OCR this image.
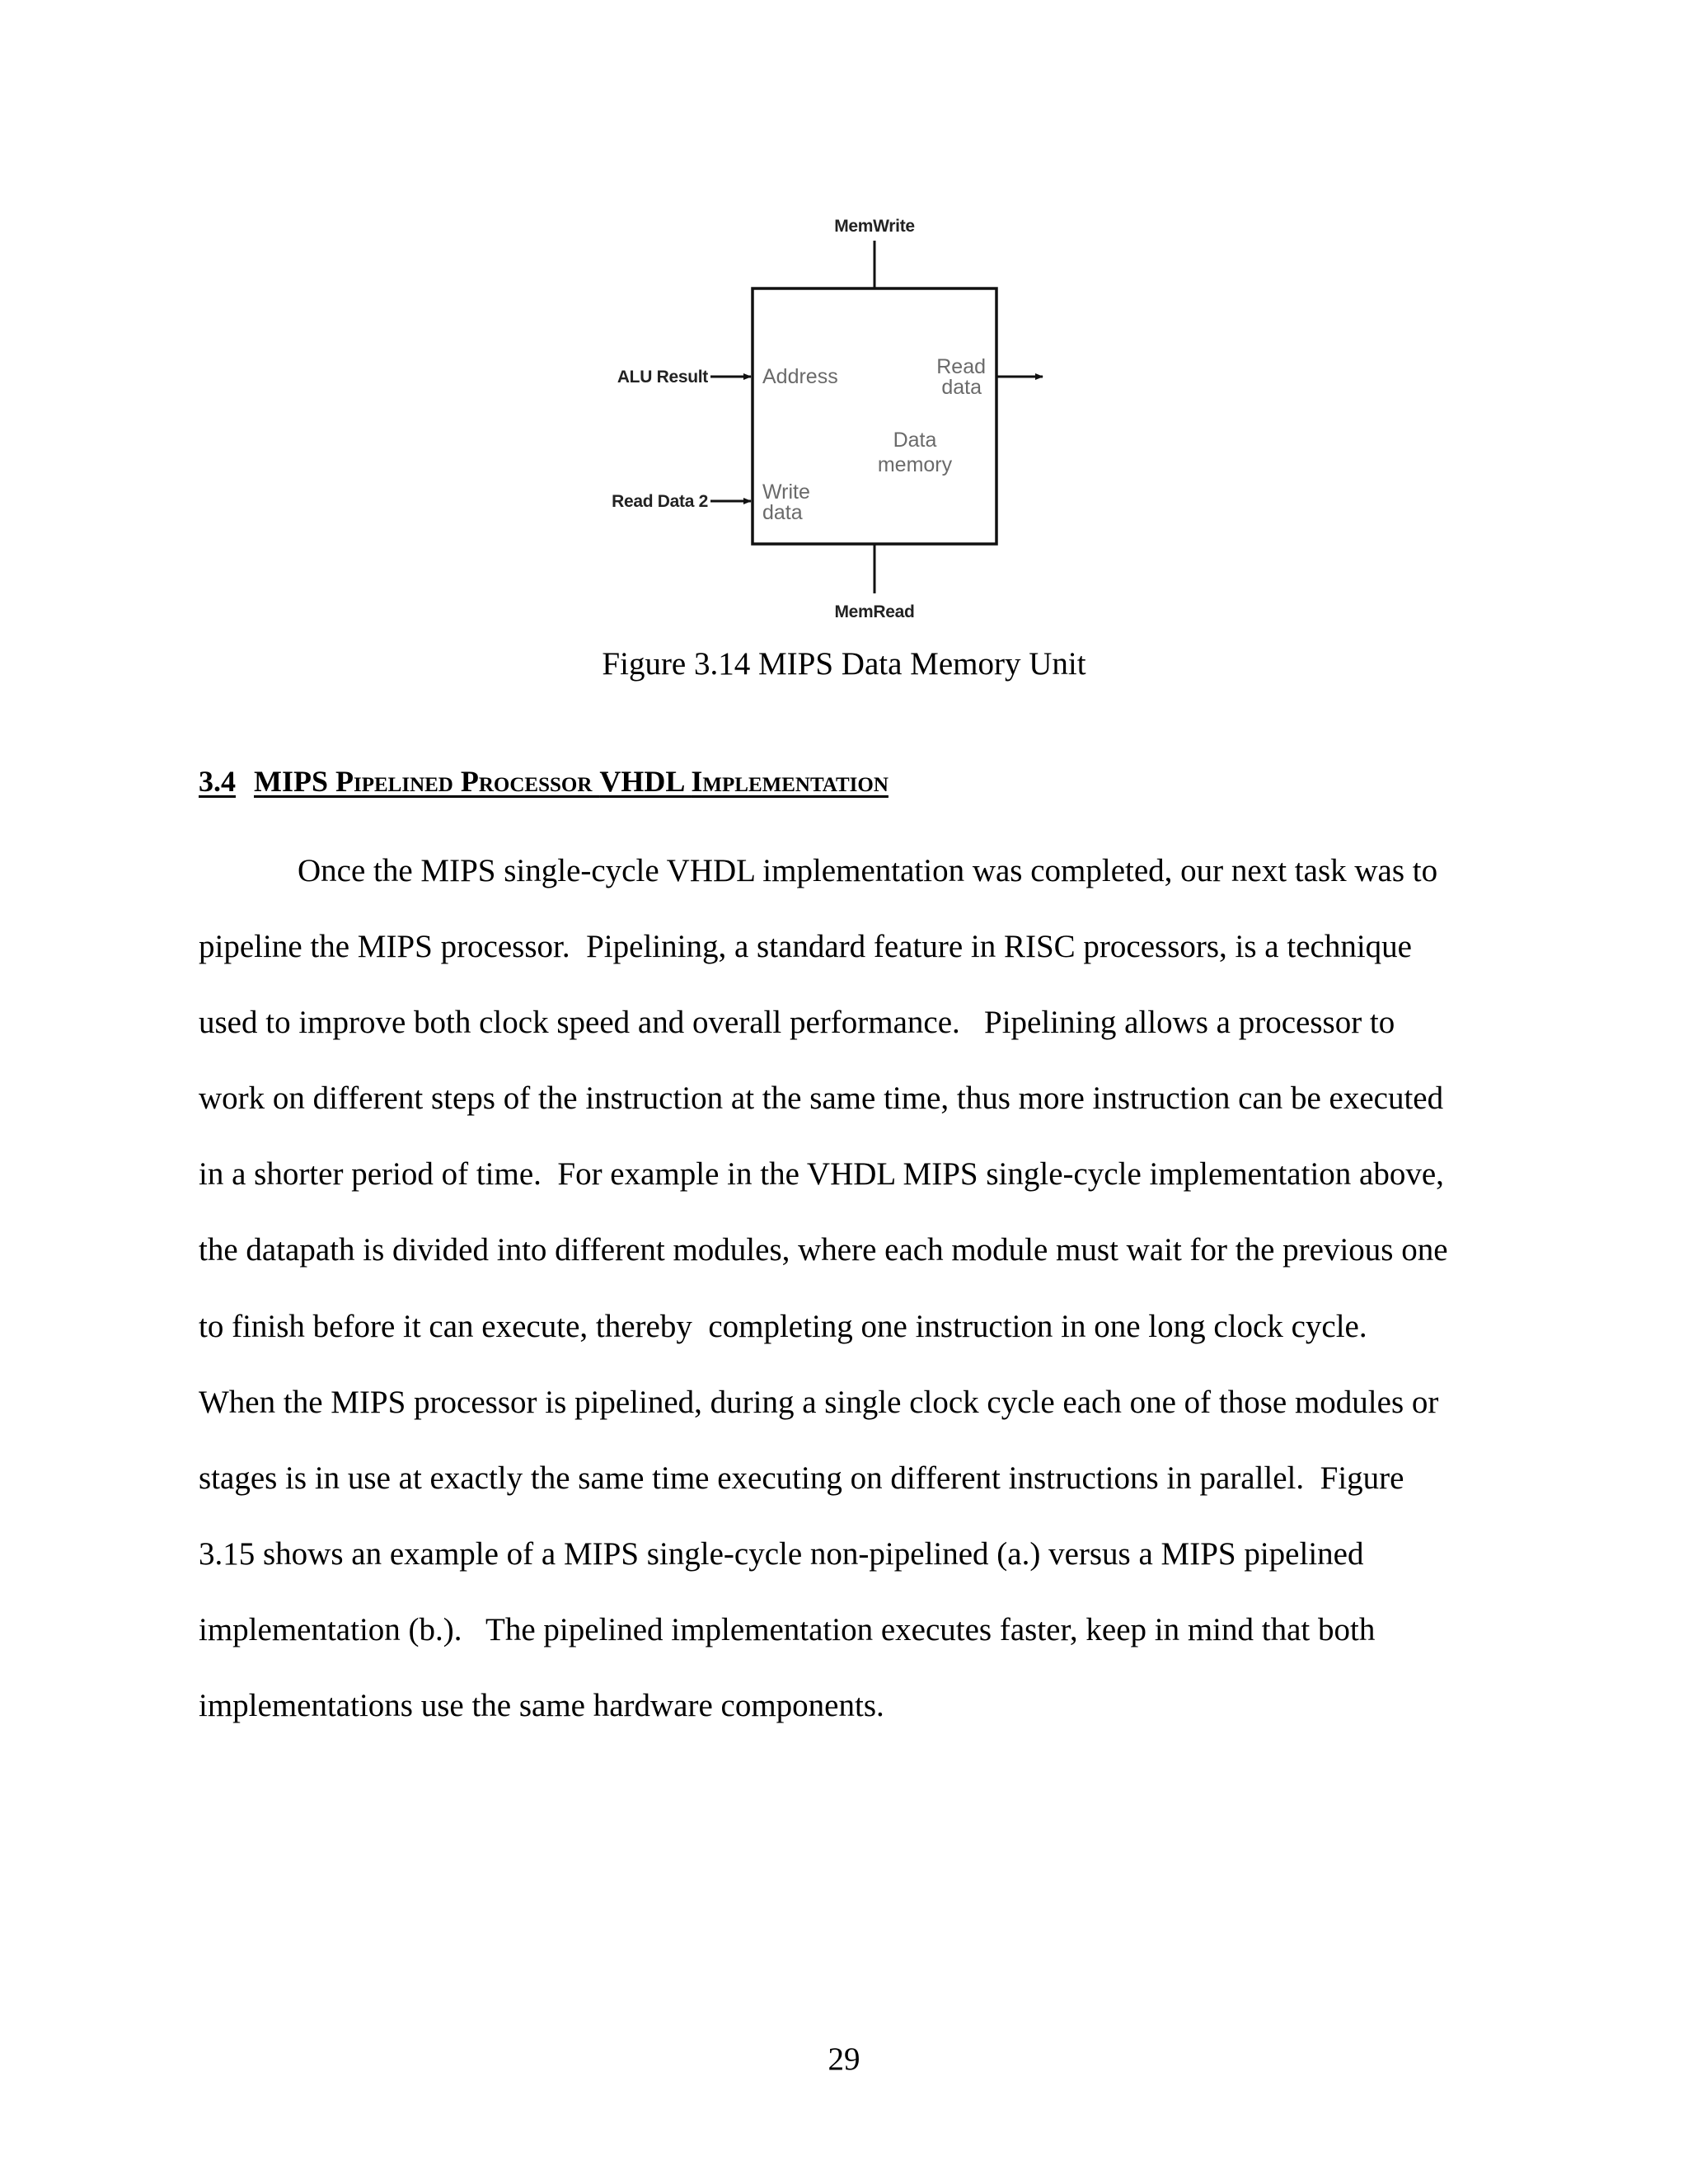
MemWrite
MemRead
ALU Result
Read Data 2
Address	Read
data
Data
memory
Write
data
Figure 3.14 MIPS Data Memory Unit
3.4 MIPS Pipelined Processor VHDL Implementation
Once the MIPS single-cycle VHDL implementation was completed, our next task was to
pipeline the MIPS processor.  Pipelining, a standard feature in RISC processors, is a technique
used to improve both clock speed and overall performance.   Pipelining allows a processor to
work on different steps of the instruction at the same time, thus more instruction can be executed
in a shorter period of time.  For example in the VHDL MIPS single-cycle implementation above,
the datapath is divided into different modules, where each module must wait for the previous one
to finish before it can execute, thereby  completing one instruction in one long clock cycle.
When the MIPS processor is pipelined, during a single clock cycle each one of those modules or
stages is in use at exactly the same time executing on different instructions in parallel.  Figure
3.15 shows an example of a MIPS single-cycle non-pipelined (a.) versus a MIPS pipelined
implementation (b.).   The pipelined implementation executes faster, keep in mind that both
implementations use the same hardware components.
29
